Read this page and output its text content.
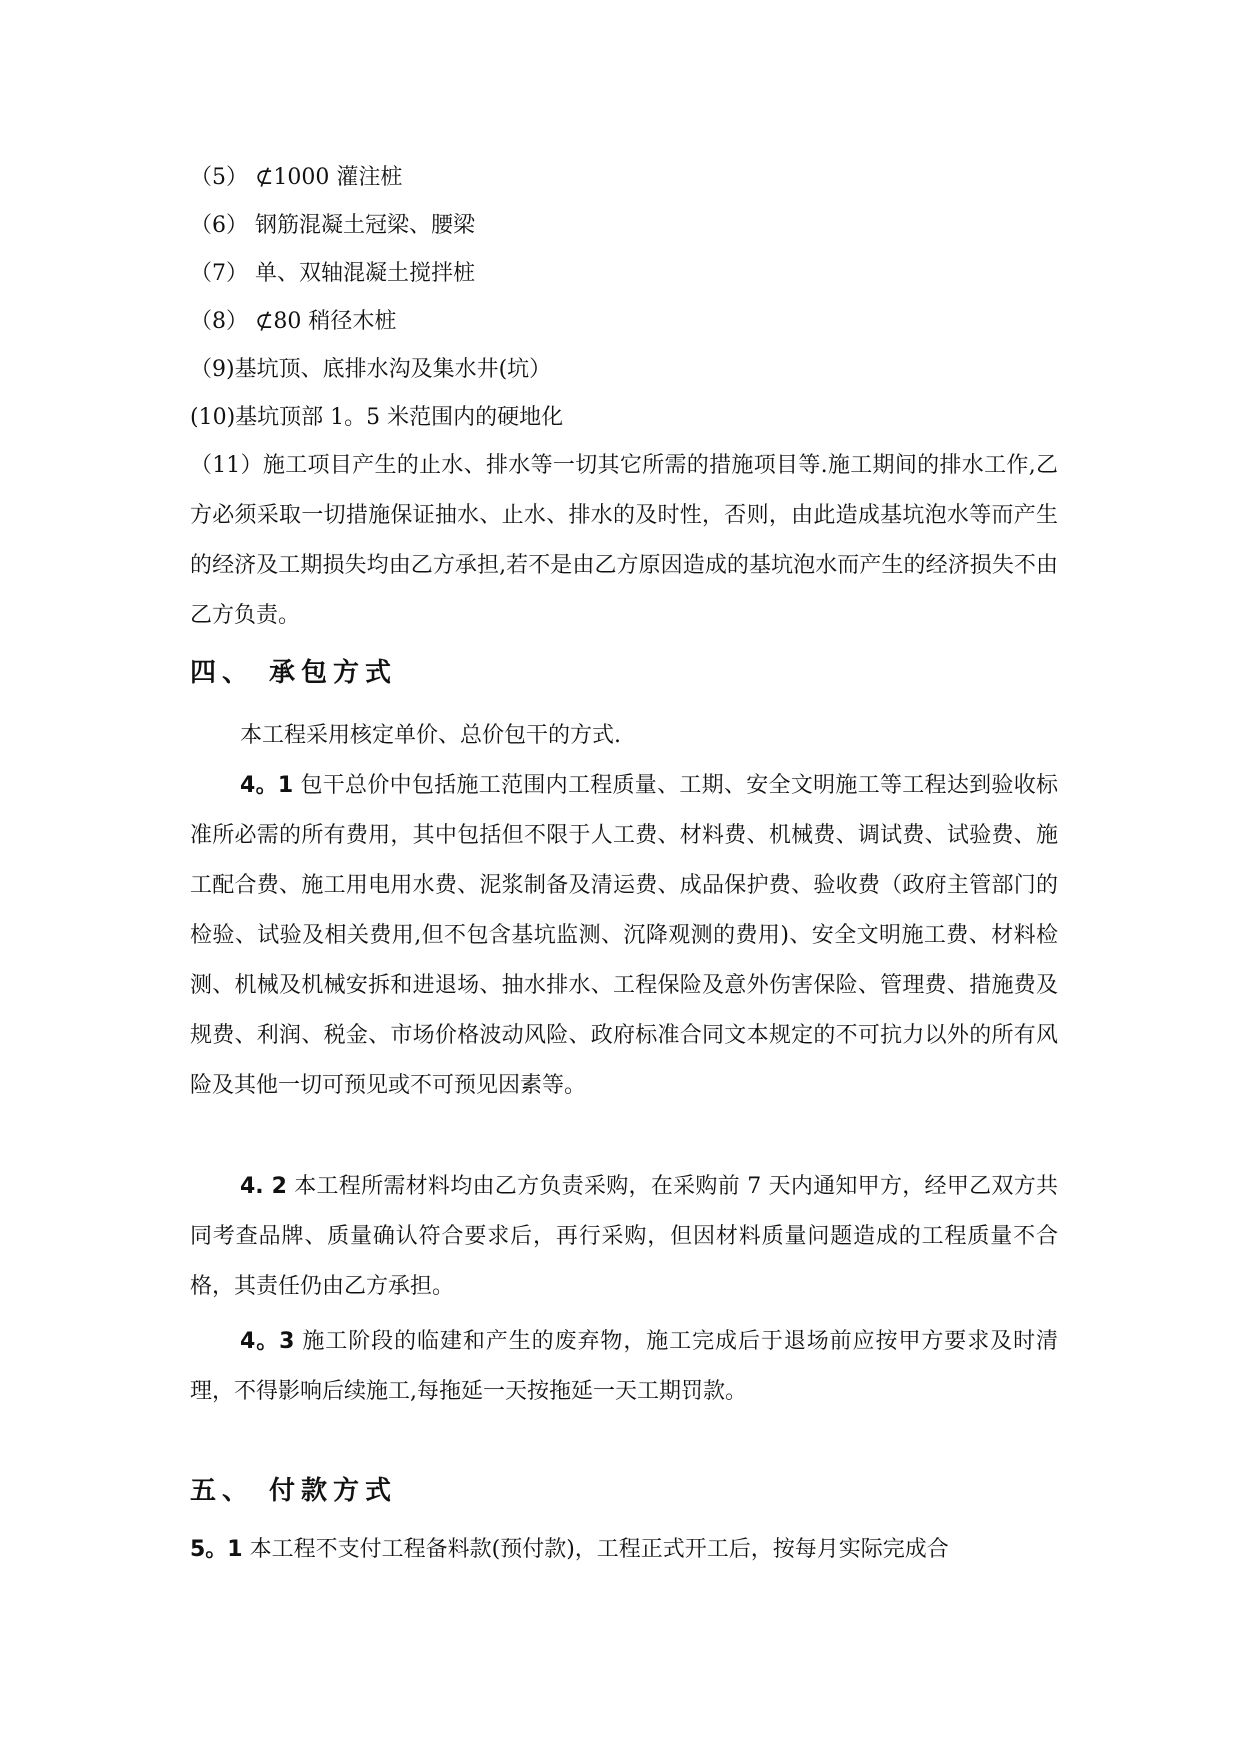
（5） ⊄1000 灌注桩
（6） 钢筋混凝土冠梁、腰梁
（7） 单、双轴混凝土搅拌桩
（8） ⊄80 稍径木桩
（9)基坑顶、底排水沟及集水井(坑）
(10)基坑顶部 1。5 米范围内的硬地化

（11）施工项目产生的止水、排水等一切其它所需的措施项目等.施工期间的排水工作,乙方必须采取一切措施保证抽水、止水、排水的及时性，否则，由此造成基坑泡水等而产生的经济及工期损失均由乙方承担,若不是由乙方原因造成的基坑泡水而产生的经济损失不由乙方负责。

四、 承包方式

本工程采用核定单价、总价包干的方式.

4。1 包干总价中包括施工范围内工程质量、工期、安全文明施工等工程达到验收标准所必需的所有费用，其中包括但不限于人工费、材料费、机械费、调试费、试验费、施工配合费、施工用电用水费、泥浆制备及清运费、成品保护费、验收费（政府主管部门的检验、试验及相关费用,但不包含基坑监测、沉降观测的费用)、安全文明施工费、材料检测、机械及机械安拆和进退场、抽水排水、工程保险及意外伤害保险、管理费、措施费及规费、利润、税金、市场价格波动风险、政府标准合同文本规定的不可抗力以外的所有风险及其他一切可预见或不可预见因素等。

4. 2 本工程所需材料均由乙方负责采购，在采购前 7 天内通知甲方，经甲乙双方共同考查品牌、质量确认符合要求后，再行采购，但因材料质量问题造成的工程质量不合格，其责任仍由乙方承担。

4。3 施工阶段的临建和产生的废弃物，施工完成后于退场前应按甲方要求及时清理，不得影响后续施工,每拖延一天按拖延一天工期罚款。

五、 付款方式

5。1 本工程不支付工程备料款(预付款)，工程正式开工后，按每月实际完成合
